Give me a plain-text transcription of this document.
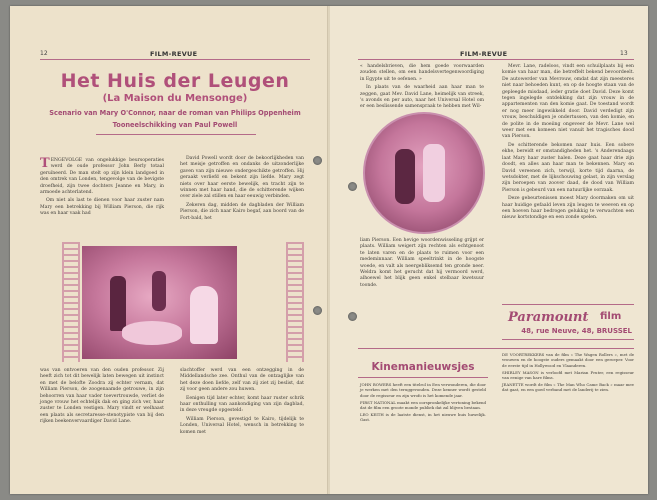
12	FILM-REVUE
Het Huis der Leugen
(La Maison du Mensonge)
Scenario van Mary O'Connor, naar de roman van Philips Oppenheim
Tooneelschikking van Paul Powell

TENGEVOLGE van ongelukkige beursoperaties werd de oude professor John Berly totaal geruïneerd. De man stelt op zijn klein landgoed in den omtrek van Londen, tengevolge van de bevigste droefheid, zijn twee dochters Jeanne en Mary, in armoede achterlatend.

Om niet als last te dienen voor haar zuster nam Mary een betrekking bij William Pierson, die rijk was en haar vaak had

David Powell wordt door de bekoorlijkheden van het meisje getroffen en ondanks de uitzonderlijke gaven van zijn nieuwe ondergeschikte getroffen. Hij geraakt verliefd en bekent zijn liefde. Mary zegt niets over haar eerste bewelijk, en tracht zijn te winnen met haar hand, die de schitterende wijken over ziele zal stillen en haar eeuwig verbinden.

Zekeren dag, midden de dagbladen der William Pierson, die zich naar Kairo begaf, aan boord van de Fort-bald, het

was van ontvoeren van den ouden professor. Zij heeft zich tot dit bewelijk laten bewegen uit instinct en met de belofte Zoodra zij echter vernam, dat William Pierson, de zoogenaamde getrouwe, in zijn behoorren van haar vader toevertrouwde, verliet de jonge vrouw het echtelijk dak en ging zich ver, haar zuster te Londen vestigen. Mary vindt er welhaast een plaats als secretaresse-stenotypiste van bij den rijken beekenvervaardiger David Lane.

slachtoffer werd van een ontzegging in de Middellandsche zee. Onthul van de ontzaglijke van het deze doen liefde, zelf van zij ziet zij beslist, dat zij voor geen andere zou huwen.

Eenigen tijd later echter, komt haar ruster schrik haar onthulling van aankondiging van zijn dagblad, in deze vreugde opgesteld:

William Pierson, gevestigd te Kairo, tijdelijk te Londen, Universal Hotel, wensch in betrekking te komen met

FILM-REVUE	13

« handelsbrieven, die hem goede voorwaarden zouden stellen, om een handelsvertegenwoordiging in Egypte uit te oefenen. »

In plaats van de waarheid aan haar man te zeggen, gaat Mev. David Lane, heimelijk van streek, 's avonds en per auto, naar het Universal Hotel om er een beslissende samenspraak te hebben met Wil-

liam Pierson. Een hevige woordenwisseling grijpt er plaats. William weigert zijn rechten als echtgenoot te laten varen en de plaats te ruimen voor een medeminnaar. William speeltrinkt in de hoogste woede, en valt als neergebliksemd ten gronde neer. Weldra komt het gerucht dat hij vermoord werd, alhoewel het blijk geen enkel stelbaar kwetsuur toonde.

Mevr. Lane, radeloos, vindt een schuilplaats bij een komie van haar man, die betreffelt bekend bevoordeelt. De autowerder van Mevrouw, omdat dat zijn meesteres niet naar behoeden kunt, en op de hoogte staan van de gepleegde misdaad, ieder gratie doet David. Deze komt tegen ingelegde ontdekking dat zijn vrouw in de appartementen van den komie gaat. De toestand wordt er nog meer ingewikkeld door. David verdedigt zijn vrouw, beschuldigen je ondertussen, van den komie, en de polite in de moeiing ongeveer de Mevr. Lane wel weer met een komeen niet vanuit het tragisches dood van Pierson.

De schitterende bekomen naar huis. Een sobere ekhe, bereidt er omstandigheden het. 's Anderendaags laat Mary haar zuster halen. Deze gaat haar drie zijn doodt, en alles aan haar man te bekennen. Mary en David vereenen zich, terwijl, korte tijd daarna, de wetsdokter, met de lijkschouwing gelast, in zijn verslag zijn beroepen van zoover daad, de dood van William Pierson is gebeurd van een natuurlijke oorzaak.

Deze gebeurtenissen moest Mary doormaken om uit haar huidige gefaald leven zijn leugen te weeven en op een hoeven haar bedrogen gelukkig te verwachten een nieuw kortstondige en een zonde spelen.

Paramount film
48, rue Neuve, 48, BRUSSEL
Kinemanieuwsjes

JOHN BOWERS heeft een titelrol in Een verwonderen, die door je werken met den teruggevonden. Deze kenner wordt gesteld door de regisseur en zijn wrofo is het komende jaar.

FIRST NATIONAL maakt een oorspronkelijke vertoning bekend dat de film een groote monde publiek dat zal blijven bestaan.

LEO KEITH is de laatste dienst, in het nieuwe huis huwelijk. Gast.

DE VOORTREKKERS van de film « The Wagen Rollers », met de vrouwen en de hoogste ouders gemaakt door een geroeper. Voor de eerste tijd in Hollywood en Vlaanderen.

SHIRLEY MASON is verloofd met Marian Fruter, een regisseur van eenige van hare films.

JEANETTE wordt de film « The Man Who Came Back » maar mee dat gaat, en een goed verband met de landerij te zien.
